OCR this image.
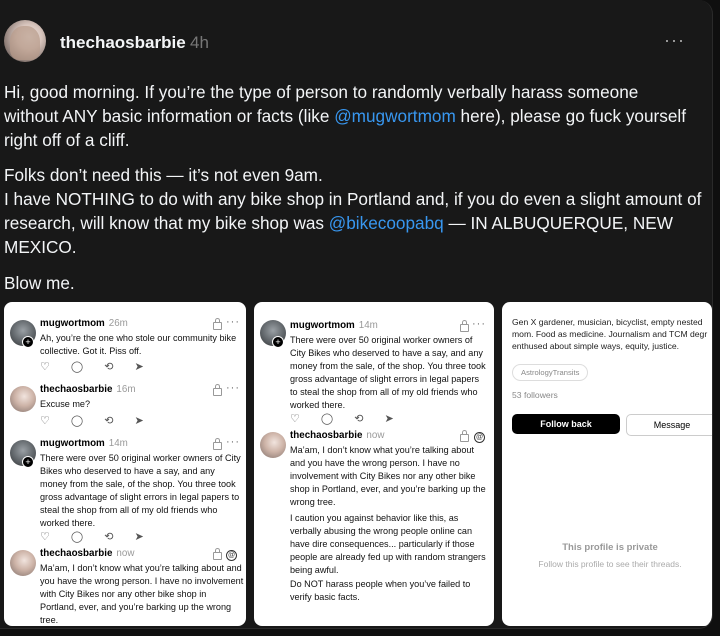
thechaosbarbie 4h	···

Hi, good morning. If you’re the type of person to randomly verbally harass someone without ANY basic information or facts (like @mugwortmom here), please go fuck yourself right off of a cliff.

Folks don’t need this — it’s not even 9am.
I have NOTHING to do with any bike shop in Portland and, if you do even a slight amount of research, will know that my bike shop was @bikecoopabq — IN ALBUQUERQUE, NEW MEXICO.

Blow me.

+
mugwortmom 26m	···

Ah, you’re the one who stole our community bike collective. Got it. Piss off.

♡ ◯ ⟲ ➤
thechaosbarbie 16m	···

Excuse me?

♡ ◯ ⟲ ➤
+
mugwortmom 14m	···

There were over 50 original worker owners of City Bikes who deserved to have a say, and any money from the sale, of the shop. You three took gross advantage of slight errors in legal papers to steal the shop from all of my old friends who worked there.

♡ ◯ ⟲ ➤
thechaosbarbie now	@

Ma’am, I don’t know what you’re talking about and you have the wrong person. I have no involvement with City Bikes nor any other bike shop in Portland, ever, and you’re barking up the wrong tree.

+
mugwortmom 14m	···

There were over 50 original worker owners of City Bikes who deserved to have a say, and any money from the sale, of the shop. You three took gross advantage of slight errors in legal papers to steal the shop from all of my old friends who worked there.

♡ ◯ ⟲ ➤
thechaosbarbie now	@

Ma’am, I don’t know what you’re talking about and you have the wrong person. I have no involvement with City Bikes nor any other bike shop in Portland, ever, and you’re barking up the wrong tree.

I caution you against behavior like this, as verbally abusing the wrong people online can have dire consequences... particularly if those people are already fed up with random strangers being awful.

Do NOT harass people when you’ve failed to verify basic facts.

Gen X gardener, musician, bicyclist, empty nested mom. Food as medicine. Journalism and TCM degr enthused about simple ways, equity, justice.

AstrologyTransits
53 followers
Follow back	Message
This profile is private
Follow this profile to see their threads.
